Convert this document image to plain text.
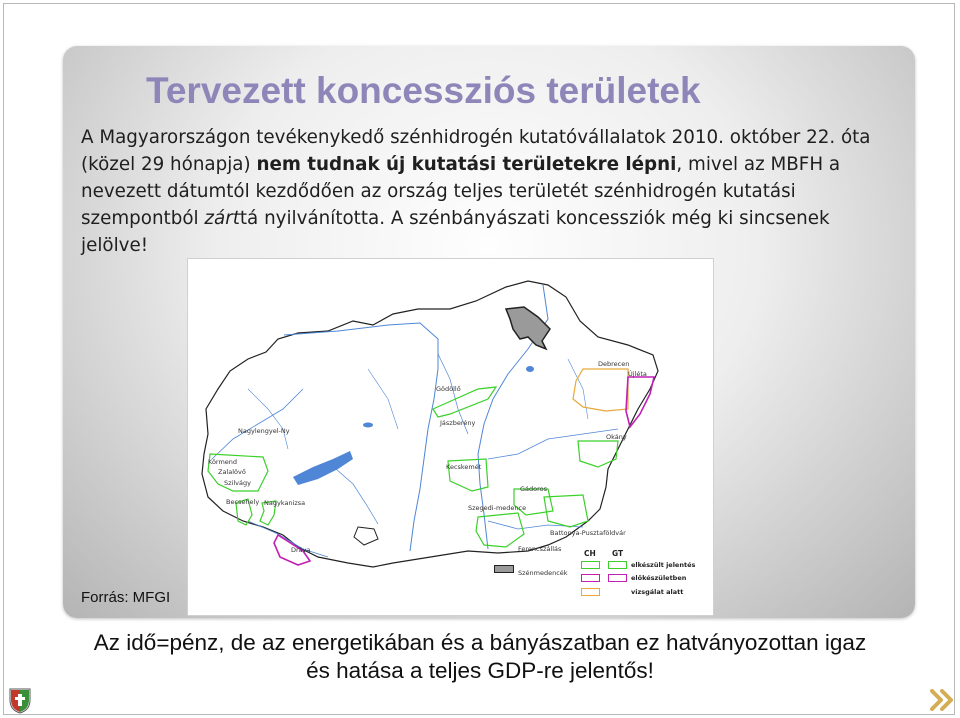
Tervezett koncessziós területek

A Magyarországon tevékenykedő szénhidrogén kutatóvállalatok 2010. október 22. óta (közel 29 hónapja) nem tudnak új kutatási területekre lépni, mivel az MBFH a nevezett dátumtól kezdődően az ország teljes területét szénhidrogén kutatási szempontból zárttá nyilvánította. A szénbányászati koncessziók még ki sincsenek jelölve!

Debrecen
Újléta
Gödöllő
Jászberény
Nagylengyel-Ny
Okány
Körmend
Zalalövő
Szilvágy
Kecskemét
Gádoros
Becsehely Nagykanizsa
Szegedi-medence
Battonya-Pusztaföldvár
Dráva	Ferencszállás	CH GT
Szénmedencék
elkészült jelentés
előkészületben
vizsgálat alatt

Forrás: MFGI

Az idő=pénz, de az energetikában és a bányászatban ez hatványozottan igaz
és hatása a teljes GDP-re jelentős!
